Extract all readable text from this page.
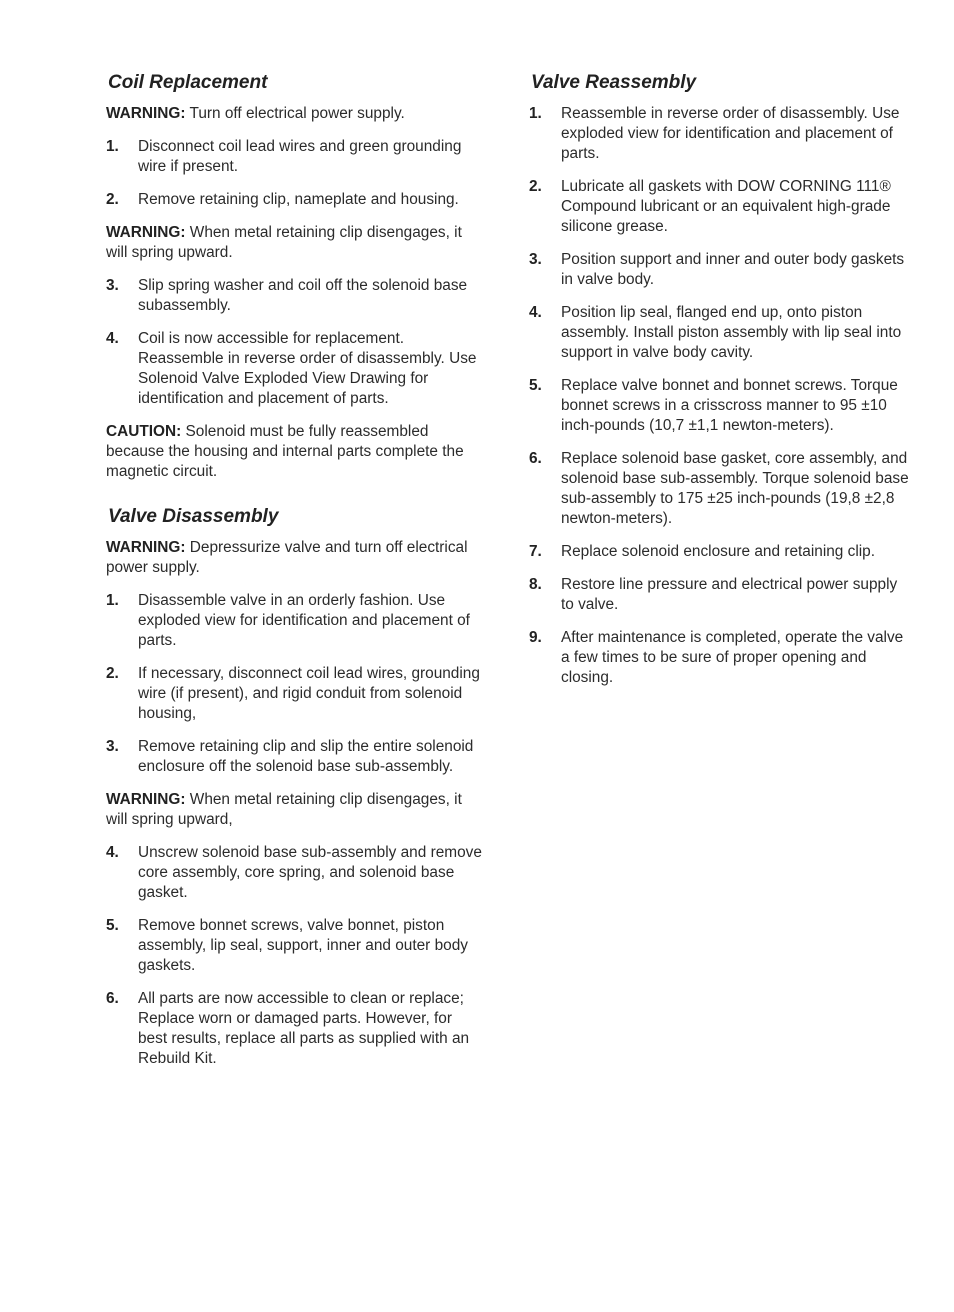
Coil Replacement

WARNING: Turn off electrical power supply.

1.	Disconnect coil lead wires and green grounding wire if present.
2.	Remove retaining clip, nameplate and housing.

WARNING: When metal retaining clip disengages, it will spring upward.

3.	Slip spring washer and coil off the solenoid base subassembly.
4.	Coil is now accessible for replacement. Reassemble in reverse order of disassembly. Use Solenoid Valve Exploded View Drawing for identification and placement of parts.

CAUTION: Solenoid must be fully reassembled because the housing and internal parts complete the magnetic circuit.

Valve Disassembly

WARNING: Depressurize valve and turn off electrical power supply.

1.	Disassemble valve in an orderly fashion. Use exploded view for identification and placement of parts.
2.	If necessary, disconnect coil lead wires, grounding wire (if present), and rigid conduit from solenoid housing,
3.	Remove retaining clip and slip the entire solenoid enclosure off the solenoid base sub-assembly.

WARNING: When metal retaining clip disengages, it will spring upward,

4.	Unscrew solenoid base sub-assembly and remove core assembly, core spring, and solenoid base gasket.
5.	Remove bonnet screws, valve bonnet, piston assembly, lip seal, support, inner and outer body gaskets.
6.	All parts are now accessible to clean or replace; Replace worn or damaged parts. However, for best results, replace all parts as supplied with an Rebuild Kit.
Valve Reassembly
1.	Reassemble in reverse order of disassembly. Use exploded view for identification and placement of parts.
2.	Lubricate all gaskets with DOW CORNING 111® Compound lubricant or an equivalent high-grade silicone grease.
3.	Position support and inner and outer body gaskets in valve body.
4.	Position lip seal, flanged end up, onto piston assembly. Install piston assembly with lip seal into support in valve body cavity.
5.	Replace valve bonnet and bonnet screws. Torque bonnet screws in a crisscross manner to 95 ±10 inch-pounds (10,7 ±1,1 newton-meters).
6.	Replace solenoid base gasket, core assembly, and solenoid base sub-assembly. Torque solenoid base sub-assembly to 175 ±25 inch-pounds (19,8 ±2,8 newton-meters).
7.	Replace solenoid enclosure and retaining clip.
8.	Restore line pressure and electrical power supply to valve.
9.	After maintenance is completed, operate the valve a few times to be sure of proper opening and closing.
